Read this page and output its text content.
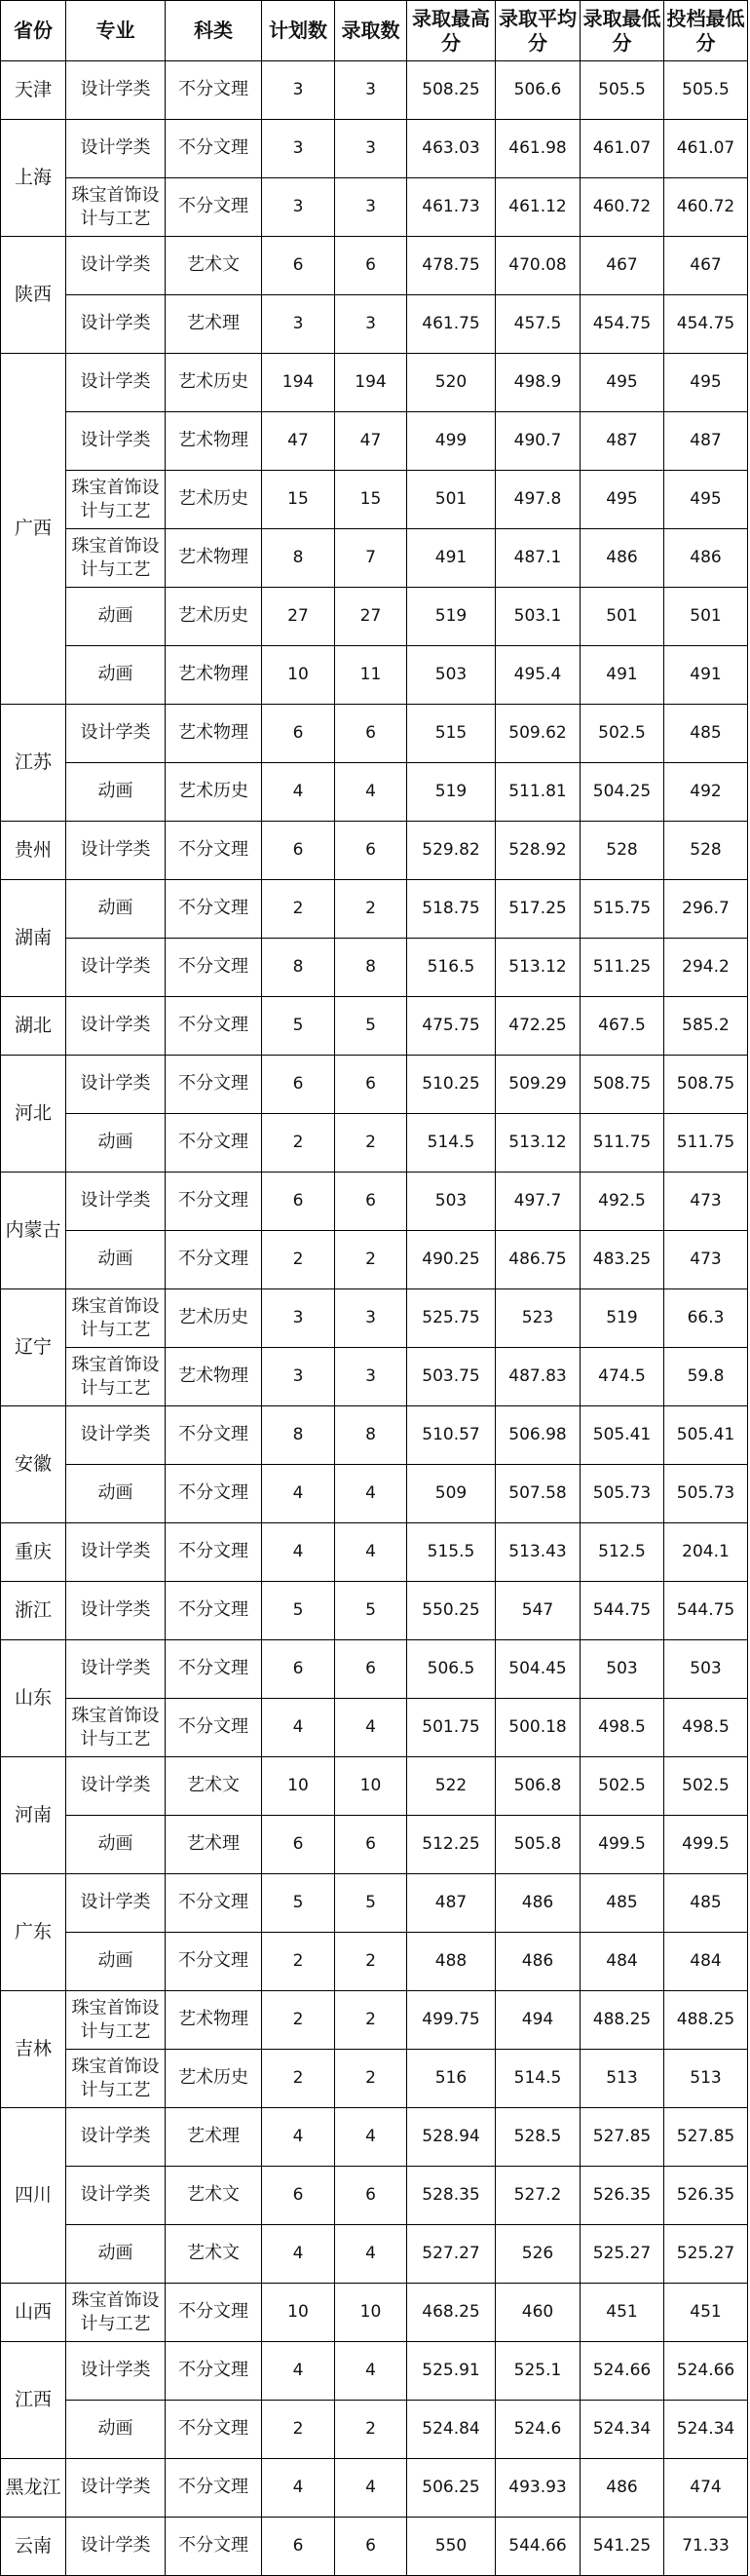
省份	专业	科类	计划数	录取数	录取最高分	录取平均分	录取最低分	投档最低分
天津	设计学类	不分文理	3	3	508.25	506.6	505.5	505.5
上海	设计学类	不分文理	3	3	463.03	461.98	461.07	461.07
	珠宝首饰设计与工艺	不分文理	3	3	461.73	461.12	460.72	460.72
陕西	设计学类	艺术文	6	6	478.75	470.08	467	467
	设计学类	艺术理	3	3	461.75	457.5	454.75	454.75
广西	设计学类	艺术历史	194	194	520	498.9	495	495
	设计学类	艺术物理	47	47	499	490.7	487	487
	珠宝首饰设计与工艺	艺术历史	15	15	501	497.8	495	495
	珠宝首饰设计与工艺	艺术物理	8	7	491	487.1	486	486
	动画	艺术历史	27	27	519	503.1	501	501
	动画	艺术物理	10	11	503	495.4	491	491
江苏	设计学类	艺术物理	6	6	515	509.62	502.5	485
	动画	艺术历史	4	4	519	511.81	504.25	492
贵州	设计学类	不分文理	6	6	529.82	528.92	528	528
湖南	动画	不分文理	2	2	518.75	517.25	515.75	296.7
	设计学类	不分文理	8	8	516.5	513.12	511.25	294.2
湖北	设计学类	不分文理	5	5	475.75	472.25	467.5	585.2
河北	设计学类	不分文理	6	6	510.25	509.29	508.75	508.75
	动画	不分文理	2	2	514.5	513.12	511.75	511.75
内蒙古	设计学类	不分文理	6	6	503	497.7	492.5	473
	动画	不分文理	2	2	490.25	486.75	483.25	473
辽宁	珠宝首饰设计与工艺	艺术历史	3	3	525.75	523	519	66.3
	珠宝首饰设计与工艺	艺术物理	3	3	503.75	487.83	474.5	59.8
安徽	设计学类	不分文理	8	8	510.57	506.98	505.41	505.41
	动画	不分文理	4	4	509	507.58	505.73	505.73
重庆	设计学类	不分文理	4	4	515.5	513.43	512.5	204.1
浙江	设计学类	不分文理	5	5	550.25	547	544.75	544.75
山东	设计学类	不分文理	6	6	506.5	504.45	503	503
	珠宝首饰设计与工艺	不分文理	4	4	501.75	500.18	498.5	498.5
河南	设计学类	艺术文	10	10	522	506.8	502.5	502.5
	动画	艺术理	6	6	512.25	505.8	499.5	499.5
广东	设计学类	不分文理	5	5	487	486	485	485
	动画	不分文理	2	2	488	486	484	484
吉林	珠宝首饰设计与工艺	艺术物理	2	2	499.75	494	488.25	488.25
	珠宝首饰设计与工艺	艺术历史	2	2	516	514.5	513	513
四川	设计学类	艺术理	4	4	528.94	528.5	527.85	527.85
	设计学类	艺术文	6	6	528.35	527.2	526.35	526.35
	动画	艺术文	4	4	527.27	526	525.27	525.27
山西	珠宝首饰设计与工艺	不分文理	10	10	468.25	460	451	451
江西	设计学类	不分文理	4	4	525.91	525.1	524.66	524.66
	动画	不分文理	2	2	524.84	524.6	524.34	524.34
黑龙江	设计学类	不分文理	4	4	506.25	493.93	486	474
云南	设计学类	不分文理	6	6	550	544.66	541.25	71.33
